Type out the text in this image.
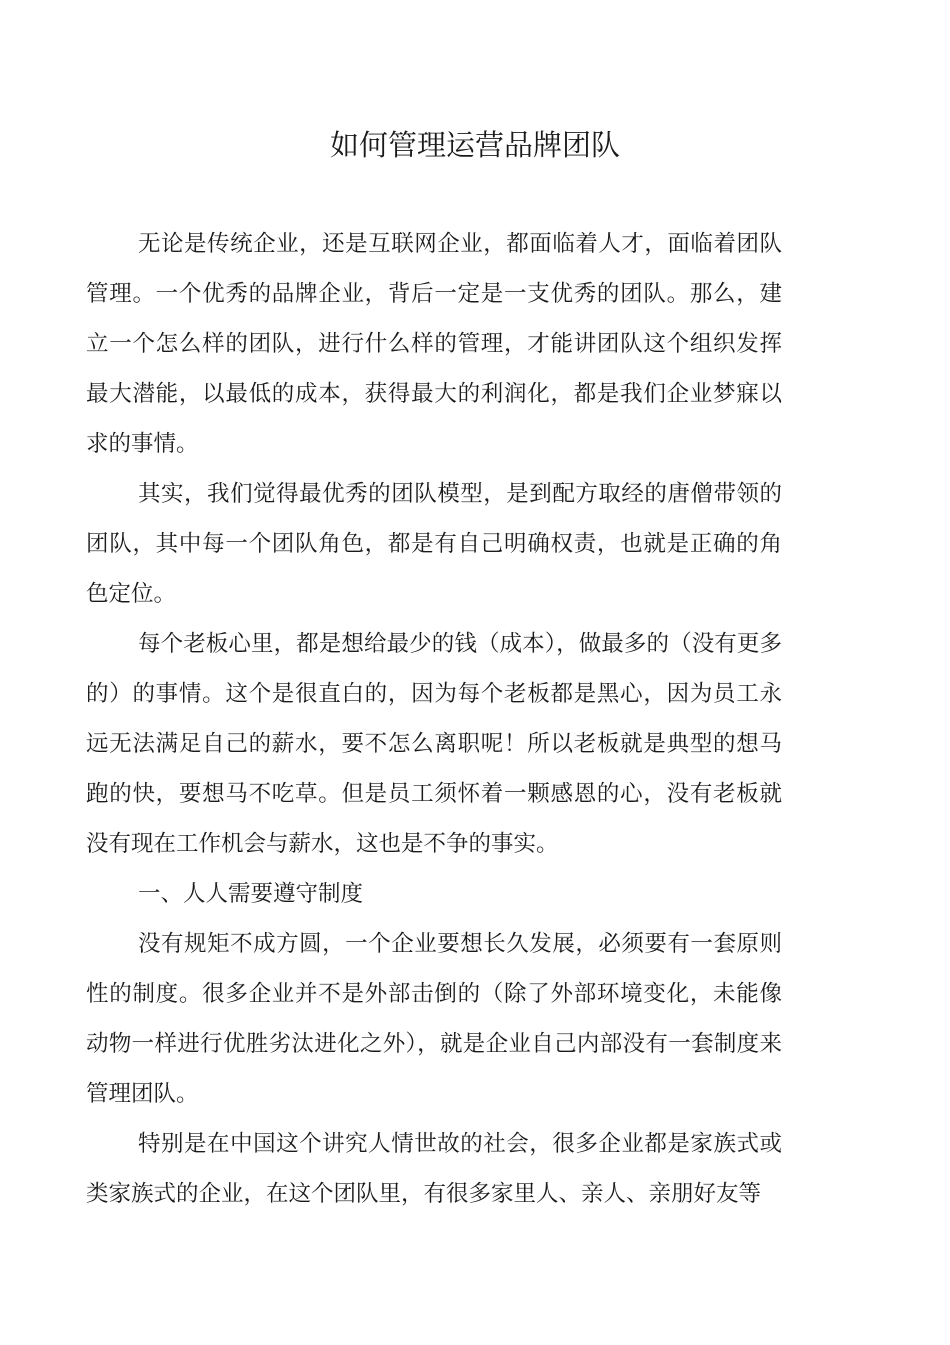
如何管理运营品牌团队

无论是传统企业，还是互联网企业，都面临着人才，面临着团队管理。一个优秀的品牌企业，背后一定是一支优秀的团队。那么，建立一个怎么样的团队，进行什么样的管理，才能讲团队这个组织发挥最大潜能，以最低的成本，获得最大的利润化，都是我们企业梦寐以求的事情。

其实，我们觉得最优秀的团队模型，是到配方取经的唐僧带领的团队，其中每一个团队角色，都是有自己明确权责，也就是正确的角色定位。

每个老板心里，都是想给最少的钱（成本），做最多的（没有更多的）的事情。这个是很直白的，因为每个老板都是黑心，因为员工永远无法满足自己的薪水，要不怎么离职呢！所以老板就是典型的想马跑的快，要想马不吃草。但是员工须怀着一颗感恩的心，没有老板就没有现在工作机会与薪水，这也是不争的事实。

一、人人需要遵守制度

没有规矩不成方圆，一个企业要想长久发展，必须要有一套原则性的制度。很多企业并不是外部击倒的（除了外部环境变化，未能像动物一样进行优胜劣汰进化之外），就是企业自己内部没有一套制度来管理团队。

特别是在中国这个讲究人情世故的社会，很多企业都是家族式或类家族式的企业，在这个团队里，有很多家里人、亲人、亲朋好友等
